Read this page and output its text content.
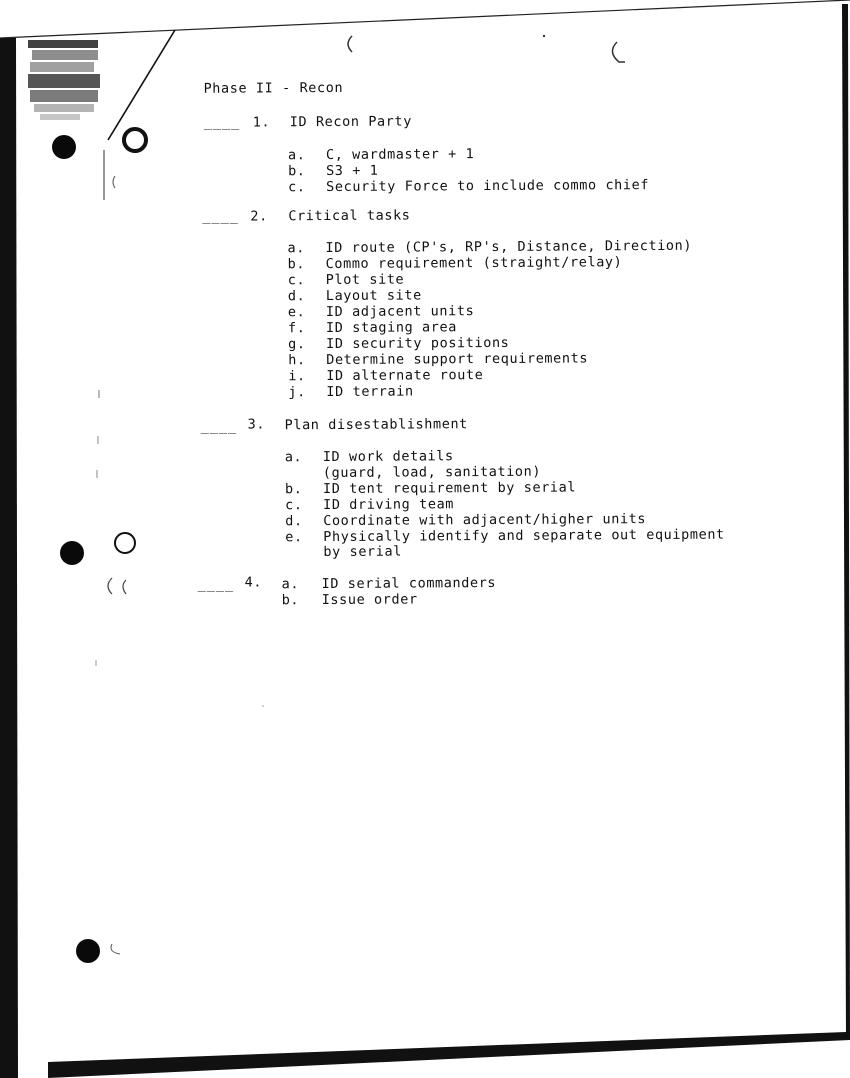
Phase II - Recon
____ 1. ID Recon Party
a. C, wardmaster + 1
b. S3 + 1
c. Security Force to include commo chief
____ 2. Critical tasks
a. ID route (CP's, RP's, Distance, Direction)
b. Commo requirement (straight/relay)
c. Plot site
d. Layout site
e. ID adjacent units
f. ID staging area
g. ID security positions
h. Determine support requirements
i. ID alternate route
j. ID terrain
____ 3. Plan disestablishment
a. ID work details
(guard, load, sanitation)
b. ID tent requirement by serial
c. ID driving team
d. Coordinate with adjacent/higher units
e. Physically identify and separate out equipment
by serial
____ 4. a. ID serial commanders
b. Issue order
